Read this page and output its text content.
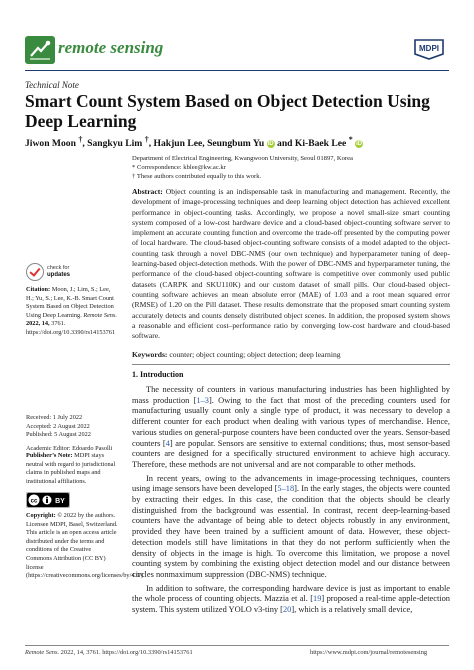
remote sensing	MDPI
Technical Note
Smart Count System Based on Object Detection Using Deep Learning
Jiwon Moon †, Sangkyu Lim †, Hakjun Lee, Seungbum Yu iD and Ki-Baek Lee * iD
Department of Electrical Engineering, Kwangwoon University, Seoul 01897, Korea
* Correspondence: kblee@kw.ac.kr
† These authors contributed equally to this work.
Abstract: Object counting is an indispensable task in manufacturing and management. Recently, the development of image-processing techniques and deep learning object detection has achieved excellent performance in object-counting tasks. Accordingly, we propose a novel small-size smart counting system composed of a low-cost hardware device and a cloud-based object-counting software server to implement an accurate counting function and overcome the trade-off presented by the computing power of local hardware. The cloud-based object-counting software consists of a model adapted to the object-counting task through a novel DBC-NMS (our own technique) and hyperparameter tuning of deep-learning-based object-detection methods. With the power of DBC-NMS and hyperparameter tuning, the performance of the cloud-based object-counting software is competitive over commonly used public datasets (CARPK and SKU110K) and our custom dataset of small pills. Our cloud-based object-counting software achieves an mean absolute error (MAE) of 1.03 and a root mean squared error (RMSE) of 1.20 on the Pill dataset. These results demonstrate that the proposed smart counting system accurately detects and counts densely distributed object scenes. In addition, the proposed system shows a reasonable and efficient cost–performance ratio by converging low-cost hardware and cloud-based software.
Keywords: counter; object counting; object detection; deep learning
check for
updates
Citation: Moon, J.; Lim, S.; Lee, H.; Yu, S.; Lee, K.-B. Smart Count System Based on Object Detection Using Deep Learning. Remote Sens. 2022, 14, 3761. https://doi.org/10.3390/rs14153761
Received: 1 July 2022
Accepted: 2 August 2022
Published: 5 August 2022
Academic Editor: Edoardo Pasolli
Publisher’s Note: MDPI stays neutral with regard to jurisdictional claims in published maps and institutional affiliations.
cc	BY
Copyright: © 2022 by the authors. Licensee MDPI, Basel, Switzerland. This article is an open access article distributed under the terms and conditions of the Creative Commons Attribution (CC BY) license (https://creativecommons.org/licenses/by/4.0/).
1. Introduction

The necessity of counters in various manufacturing industries has been highlighted by mass production [1–3]. Owing to the fact that most of the preceding counters used for manufacturing usually count only a single type of product, it was necessary to develop a different counter for each product when dealing with various types of merchandise. Hence, various studies on general-purpose counters have been conducted over the years. Sensor-based counters [4] are popular. Sensors are sensitive to external conditions; thus, most sensor-based counters are designed for a specifically structured environment to achieve high accuracy. Therefore, these methods are not universal and are not comparable to other methods.

In recent years, owing to the advancements in image-processing techniques, counters using image sensors have been developed [5–18]. In the early stages, the objects were counted by extracting their edges. In this case, the condition that the objects should be clearly distinguished from the background was essential. In contrast, recent deep-learning-based counters have the advantage of being able to detect objects robustly in any environment, provided they have been trained by a sufficient amount of data. However, these object-detection models still have limitations in that they do not perform sufficiently when the density of objects in the image is high. To overcome this limitation, we propose a novel counting system by combining the existing object detection model and our distance between circles nonmaximum suppression (DBC-NMS) technique.

In addition to software, the corresponding hardware device is just as important to enable the whole process of counting objects. Mazzia et al. [19] proposed a real-time apple-detection system. This system utilized YOLO v3-tiny [20], which is a relatively small device,

Remote Sens. 2022, 14, 3761. https://doi.org/10.3390/rs14153761	https://www.mdpi.com/journal/remotesensing
